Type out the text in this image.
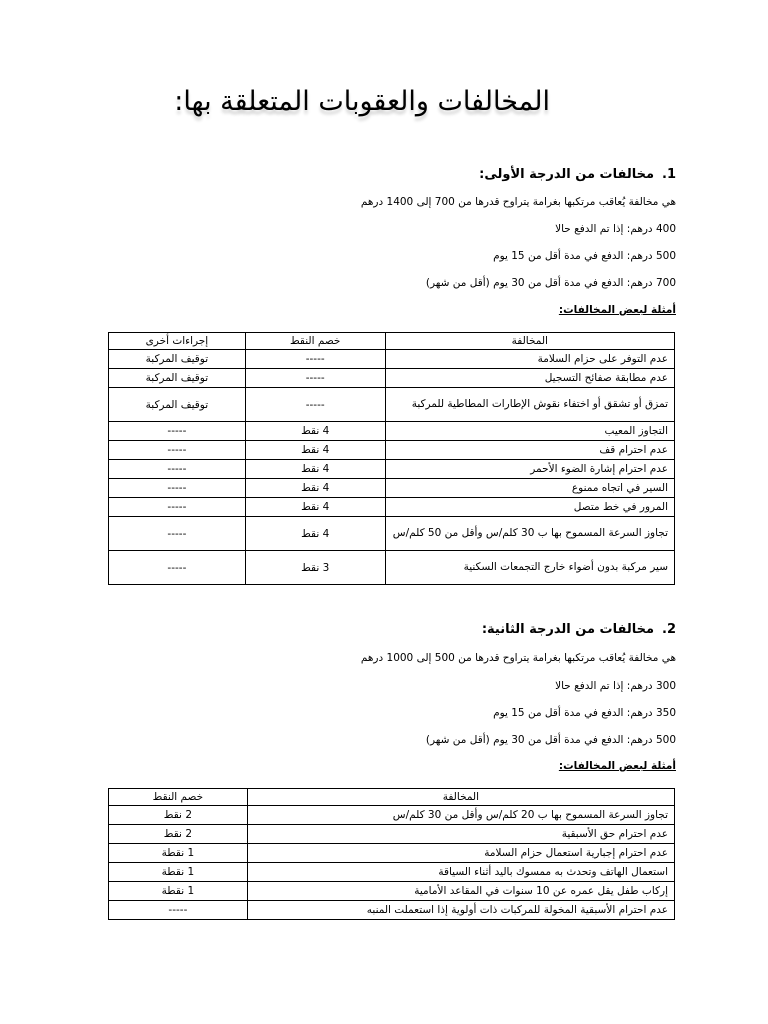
المخالفات والعقوبات المتعلقة بها:
1.مخالفات من الدرجة الأولى:
هي مخالفة يُعاقب مرتكبها بغرامة يتراوح قدرها من 700 إلى 1400 درهم
400 درهم: إذا تم الدفع حالا
500 درهم: الدفع في مدة أقل من 15 يوم
700 درهم: الدفع في مدة أقل من 30 يوم (أقل من شهر)
أمثلة لبعض المخالفات:
المخالفة	خصم النقط	إجراءات أخرى
عدم التوفر على حزام السلامة	-----	توقيف المركبة
عدم مطابقة صفائح التسجيل	-----	توقيف المركبة
تمزق أو تشقق أو اختفاء نقوش الإطارات المطاطية للمركبة	-----	توقيف المركبة
التجاوز المعيب	4 نقط	-----
عدم احترام قف	4 نقط	-----
عدم احترام إشارة الضوء الأحمر	4 نقط	-----
السير في اتجاه ممنوع	4 نقط	-----
المرور في خط متصل	4 نقط	-----
تجاوز السرعة المسموح بها ب 30 كلم/س وأقل من 50 كلم/س	4 نقط	-----
سير مركبة بدون أضواء خارج التجمعات السكنية	3 نقط	-----
2.مخالفات من الدرجة الثانية:
هي مخالفة يُعاقب مرتكبها بغرامة يتراوح قدرها من 500 إلى 1000 درهم
300 درهم: إذا تم الدفع حالا
350 درهم: الدفع في مدة أقل من 15 يوم
500 درهم: الدفع في مدة أقل من 30 يوم (أقل من شهر)
أمثلة لبعض المخالفات:
المخالفة	خصم النقط
تجاوز السرعة المسموح بها ب 20 كلم/س وأقل من 30 كلم/س	2 نقط
عدم احترام حق الأسبقية	2 نقط
عدم احترام إجبارية استعمال حزام السلامة	1 نقطة
استعمال الهاتف وتحدث به ممسوك باليد أثناء السياقة	1 نقطة
إركاب طفل يقل عمره عن 10 سنوات في المقاعد الأمامية	1 نقطة
عدم احترام الأسبقية المخولة للمركبات ذات أولوية إذا استعملت المنبه	-----
